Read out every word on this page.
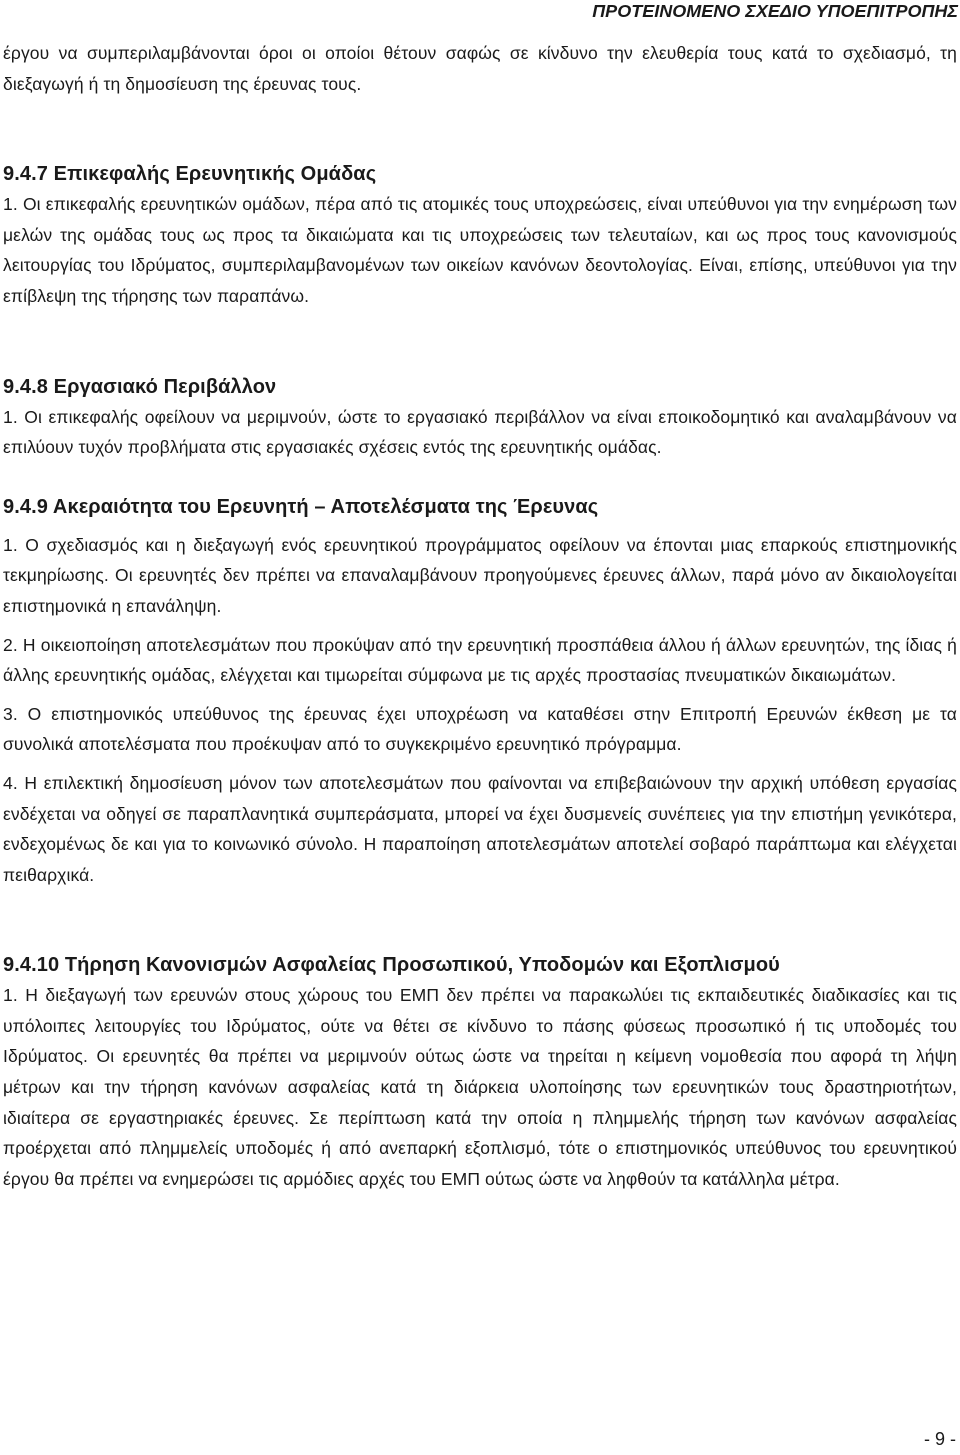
ΠΡΟΤΕΙΝΟΜΕΝΟ ΣΧΕΔΙΟ ΥΠΟΕΠΙΤΡΟΠΗΣ

έργου να συμπεριλαμβάνονται όροι οι οποίοι θέτουν σαφώς σε κίνδυνο την ελευθερία τους κατά το σχεδιασμό, τη διεξαγωγή ή τη δημοσίευση της έρευνας τους.

9.4.7 Επικεφαλής Ερευνητικής Ομάδας

1. Οι επικεφαλής ερευνητικών ομάδων, πέρα από τις ατομικές τους υποχρεώσεις, είναι υπεύθυνοι για την ενημέρωση των μελών της ομάδας τους ως προς τα δικαιώματα και τις υποχρεώσεις των τελευταίων, και ως προς τους κανονισμούς λειτουργίας του Ιδρύματος, συμπεριλαμβανομένων των οικείων κανόνων δεοντολογίας. Είναι, επίσης, υπεύθυνοι για την επίβλεψη της τήρησης των παραπάνω.

9.4.8 Εργασιακό Περιβάλλον

1. Οι επικεφαλής οφείλουν να μεριμνούν, ώστε το εργασιακό περιβάλλον να είναι εποικοδομητικό και αναλαμβάνουν να επιλύουν τυχόν προβλήματα στις εργασιακές σχέσεις εντός της ερευνητικής ομάδας.

9.4.9 Ακεραιότητα του Ερευνητή – Αποτελέσματα της Έρευνας

1. Ο σχεδιασμός και η διεξαγωγή ενός ερευνητικού προγράμματος οφείλουν να έπονται μιας επαρκούς επιστημονικής τεκμηρίωσης. Οι ερευνητές δεν πρέπει να επαναλαμβάνουν προηγούμενες έρευνες άλλων, παρά μόνο αν δικαιολογείται επιστημονικά η επανάληψη.

2. Η οικειοποίηση αποτελεσμάτων που προκύψαν από την ερευνητική προσπάθεια άλλου ή άλλων ερευνητών, της ίδιας ή άλλης ερευνητικής ομάδας, ελέγχεται και τιμωρείται σύμφωνα με τις αρχές προστασίας πνευματικών δικαιωμάτων.

3. Ο επιστημονικός υπεύθυνος της έρευνας έχει υποχρέωση να καταθέσει στην Επιτροπή Ερευνών έκθεση με τα συνολικά αποτελέσματα που προέκυψαν από το συγκεκριμένο ερευνητικό πρόγραμμα.

4. Η επιλεκτική δημοσίευση μόνον των αποτελεσμάτων που φαίνονται να επιβεβαιώνουν την αρχική υπόθεση εργασίας ενδέχεται να οδηγεί σε παραπλανητικά συμπεράσματα, μπορεί να έχει δυσμενείς συνέπειες για την επιστήμη γενικότερα, ενδεχομένως δε και για το κοινωνικό σύνολο. Η παραποίηση αποτελεσμάτων αποτελεί σοβαρό παράπτωμα και ελέγχεται πειθαρχικά.

9.4.10 Τήρηση Κανονισμών Ασφαλείας Προσωπικού, Υποδομών και Εξοπλισμού

1. Η διεξαγωγή των ερευνών στους χώρους του ΕΜΠ δεν πρέπει να παρακωλύει τις εκπαιδευτικές διαδικασίες και τις υπόλοιπες λειτουργίες του Ιδρύματος, ούτε να θέτει σε κίνδυνο τo πάσης φύσεως προσωπικό ή τις υποδομές του Ιδρύματος. Οι ερευνητές θα πρέπει να μεριμνούν ούτως ώστε να τηρείται η κείμενη νομοθεσία που αφορά τη λήψη μέτρων και την τήρηση κανόνων ασφαλείας κατά τη διάρκεια υλοποίησης των ερευνητικών τους δραστηριοτήτων, ιδιαίτερα σε εργαστηριακές έρευνες. Σε περίπτωση κατά την οποία η πλημμελής τήρηση των κανόνων ασφαλείας προέρχεται από πλημμελείς υποδομές ή από ανεπαρκή εξοπλισμό, τότε ο επιστημονικός υπεύθυνος του ερευνητικού έργου θα πρέπει να ενημερώσει τις αρμόδιες αρχές του ΕΜΠ ούτως ώστε να ληφθούν τα κατάλληλα μέτρα.

- 9 -
